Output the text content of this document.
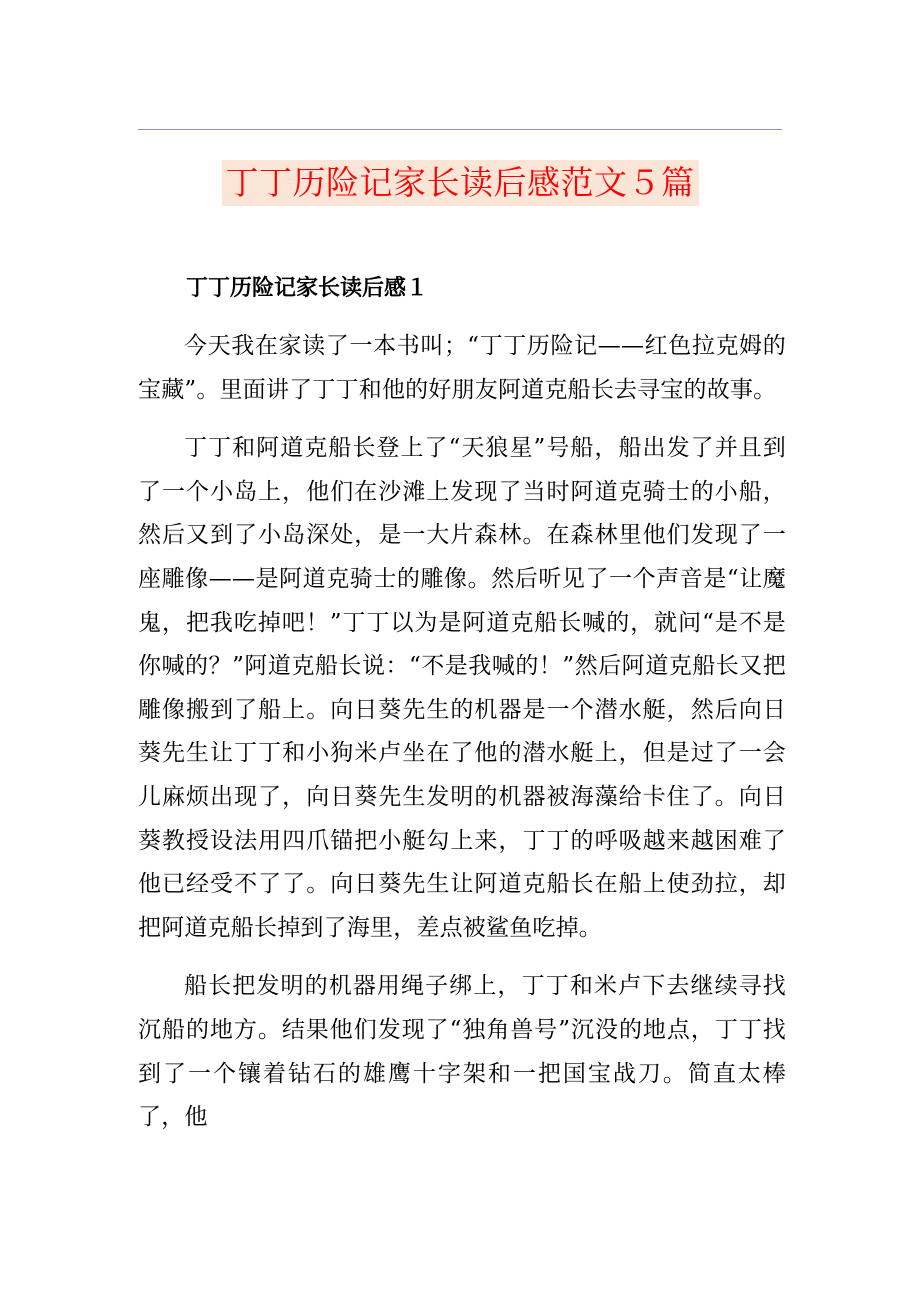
丁丁历险记家长读后感范文５篇
丁丁历险记家长读后感１

今天我在家读了一本书叫；“丁丁历险记——红色拉克姆的宝藏”。里面讲了丁丁和他的好朋友阿道克船长去寻宝的故事。

丁丁和阿道克船长登上了“天狼星”号船，船出发了并且到了一个小岛上，他们在沙滩上发现了当时阿道克骑士的小船，然后又到了小岛深处，是一大片森林。在森林里他们发现了一座雕像——是阿道克骑士的雕像。然后听见了一个声音是“让魔鬼，把我吃掉吧！”丁丁以为是阿道克船长喊的，就问“是不是你喊的？”阿道克船长说：“不是我喊的！”然后阿道克船长又把雕像搬到了船上。向日葵先生的机器是一个潜水艇，然后向日葵先生让丁丁和小狗米卢坐在了他的潜水艇上，但是过了一会儿麻烦出现了，向日葵先生发明的机器被海藻给卡住了。向日葵教授设法用四爪锚把小艇勾上来，丁丁的呼吸越来越困难了他已经受不了了。向日葵先生让阿道克船长在船上使劲拉，却把阿道克船长掉到了海里，差点被鲨鱼吃掉。

船长把发明的机器用绳子绑上，丁丁和米卢下去继续寻找沉船的地方。结果他们发现了“独角兽号”沉没的地点，丁丁找到了一个镶着钻石的雄鹰十字架和一把国宝战刀。简直太棒了，他
